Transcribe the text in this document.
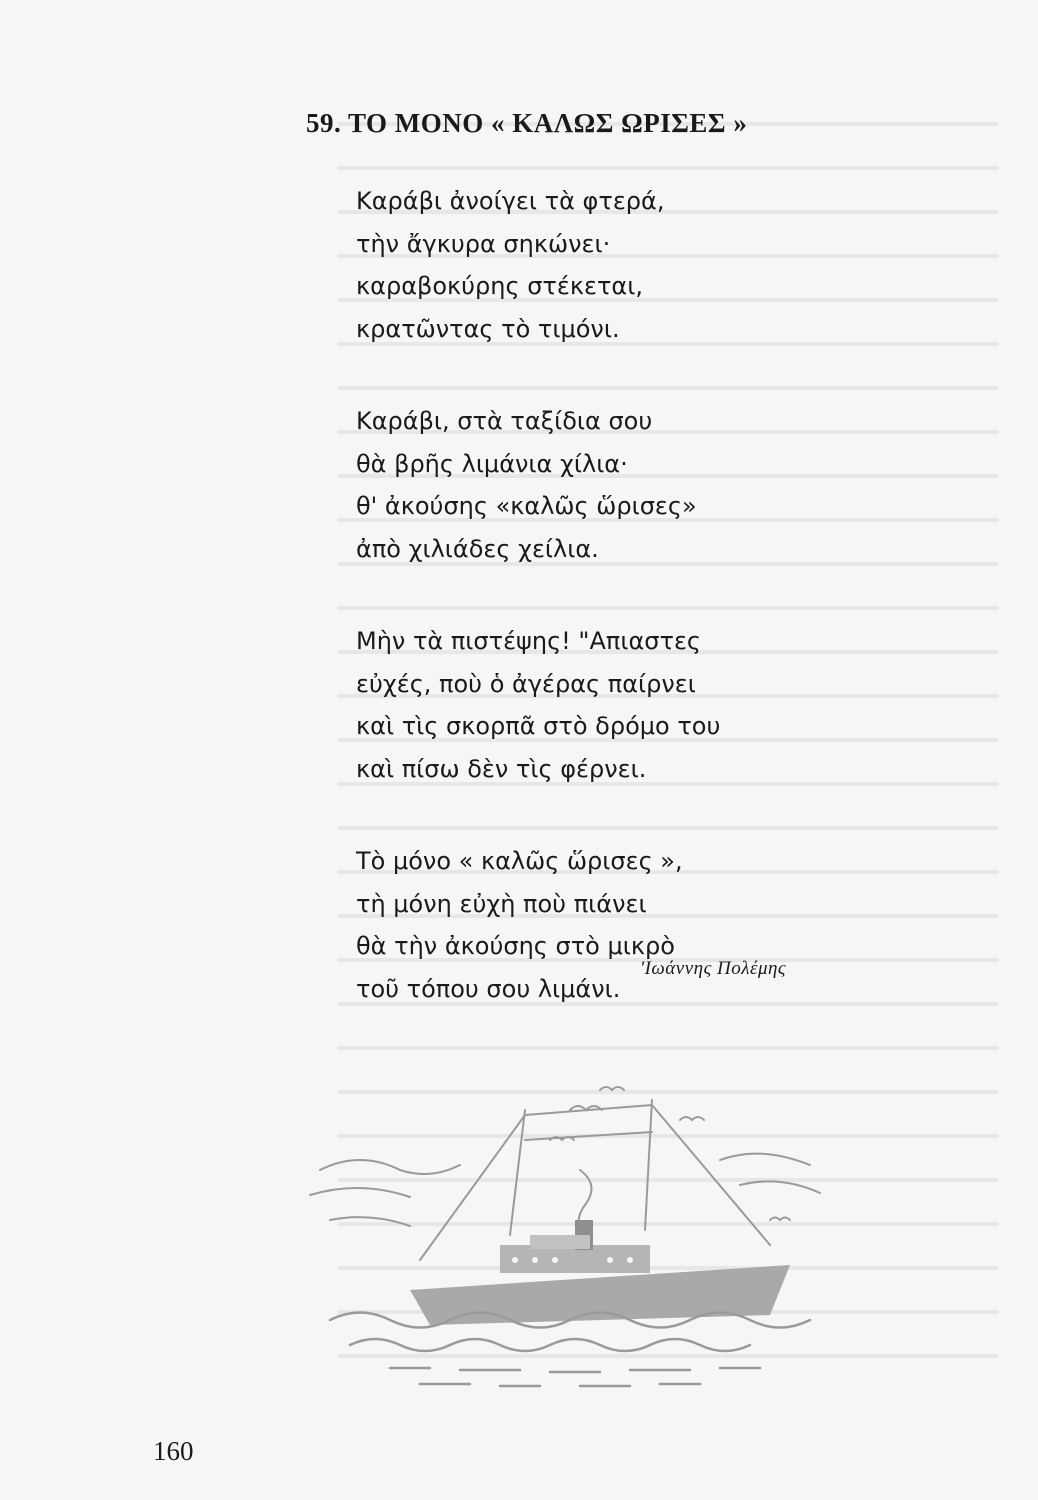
59. ΤΟ ΜΟΝΟ « ΚΑΛΩΣ ΩΡΙΣΕΣ »
Καράβι ἀνοίγει τὰ φτερά,
τὴν ἄγκυρα σηκώνει·
καραβοκύρης στέκεται,
κρατῶντας τὸ τιμόνι.
Καράβι, στὰ ταξίδια σου
θὰ βρῆς λιμάνια χίλια·
θ' ἀκούσης «καλῶς ὥρισες»
ἀπὸ χιλιάδες χείλια.
Μὴν τὰ πιστέψης! "Απιαστες
εὐχές, ποὺ ὁ ἀγέρας παίρνει
καὶ τὶς σκορπᾶ στὸ δρόμο του
καὶ πίσω δὲν τὶς φέρνει.
Τὸ μόνο « καλῶς ὥρισες »,
τὴ μόνη εὐχὴ ποὺ πιάνει
θὰ τὴν ἀκούσης στὸ μικρὸ
τοῦ τόπου σου λιμάνι.
'Ιωάννης Πολέμης
160
